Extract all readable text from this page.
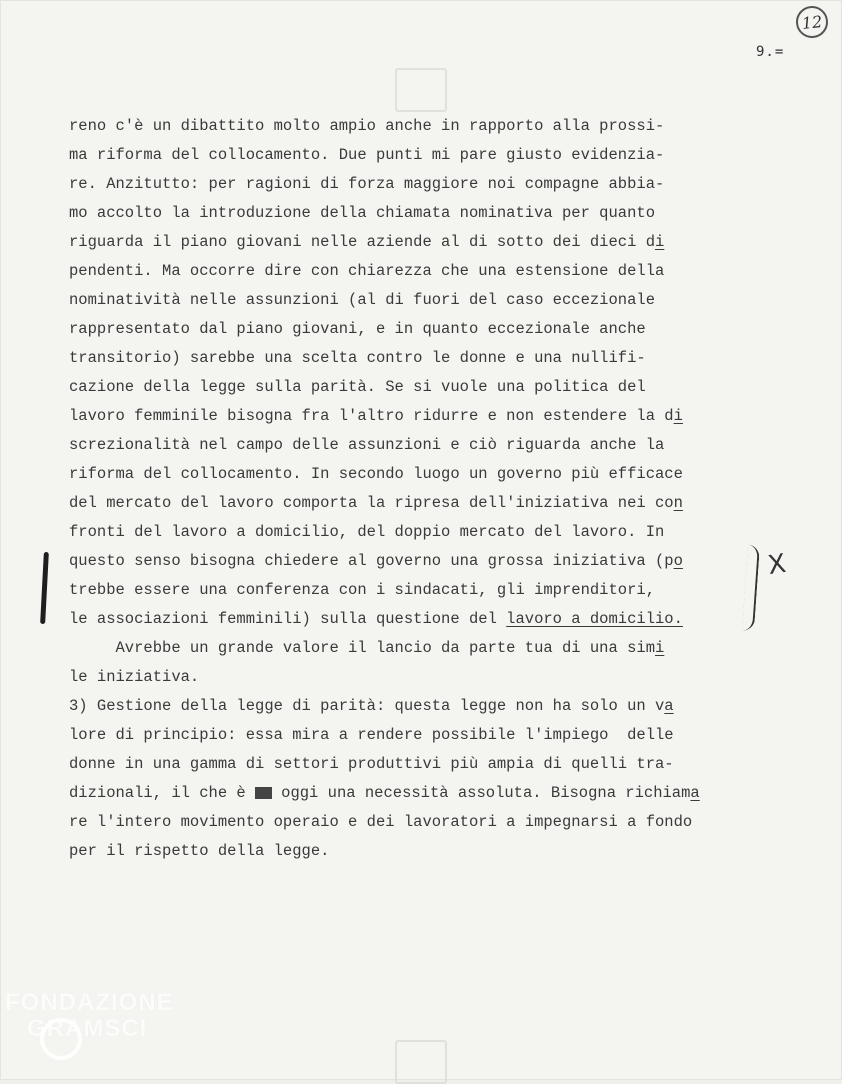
12
9.=
reno c'è un dibattito molto ampio anche in rapporto alla prossi-
ma riforma del collocamento. Due punti mi pare giusto evidenzia-
re. Anzitutto: per ragioni di forza maggiore noi compagne abbia-
mo accolto la introduzione della chiamata nominativa per quanto
riguarda il piano giovani nelle aziende al di sotto dei dieci di
pendenti. Ma occorre dire con chiarezza che una estensione della
nominatività nelle assunzioni (al di fuori del caso eccezionale
rappresentato dal piano giovani, e in quanto eccezionale anche
transitorio) sarebbe una scelta contro le donne e una nullifi-
cazione della legge sulla parità. Se si vuole una politica del
lavoro femminile bisogna fra l'altro ridurre e non estendere la di
screzionalità nel campo delle assunzioni e ciò riguarda anche la
riforma del collocamento. In secondo luogo un governo più efficace
del mercato del lavoro comporta la ripresa dell'iniziativa nei con
fronti del lavoro a domicilio, del doppio mercato del lavoro. In
questo senso bisogna chiedere al governo una grossa iniziativa (po
trebbe essere una conferenza con i sindacati, gli imprenditori,
le associazioni femminili) sulla questione del lavoro a domicilio.
Avrebbe un grande valore il lancio da parte tua di una simi
le iniziativa.
3) Gestione della legge di parità: questa legge non ha solo un va
lore di principio: essa mira a rendere possibile l'impiego  delle
donne in una gamma di settori produttivi più ampia di quelli tra-
dizionali, il che è xxx oggi una necessità assoluta. Bisogna richiama
re l'intero movimento operaio e dei lavoratori a impegnarsi a fondo
per il rispetto della legge.
X
FONDAZIONE
GRAMSCI
